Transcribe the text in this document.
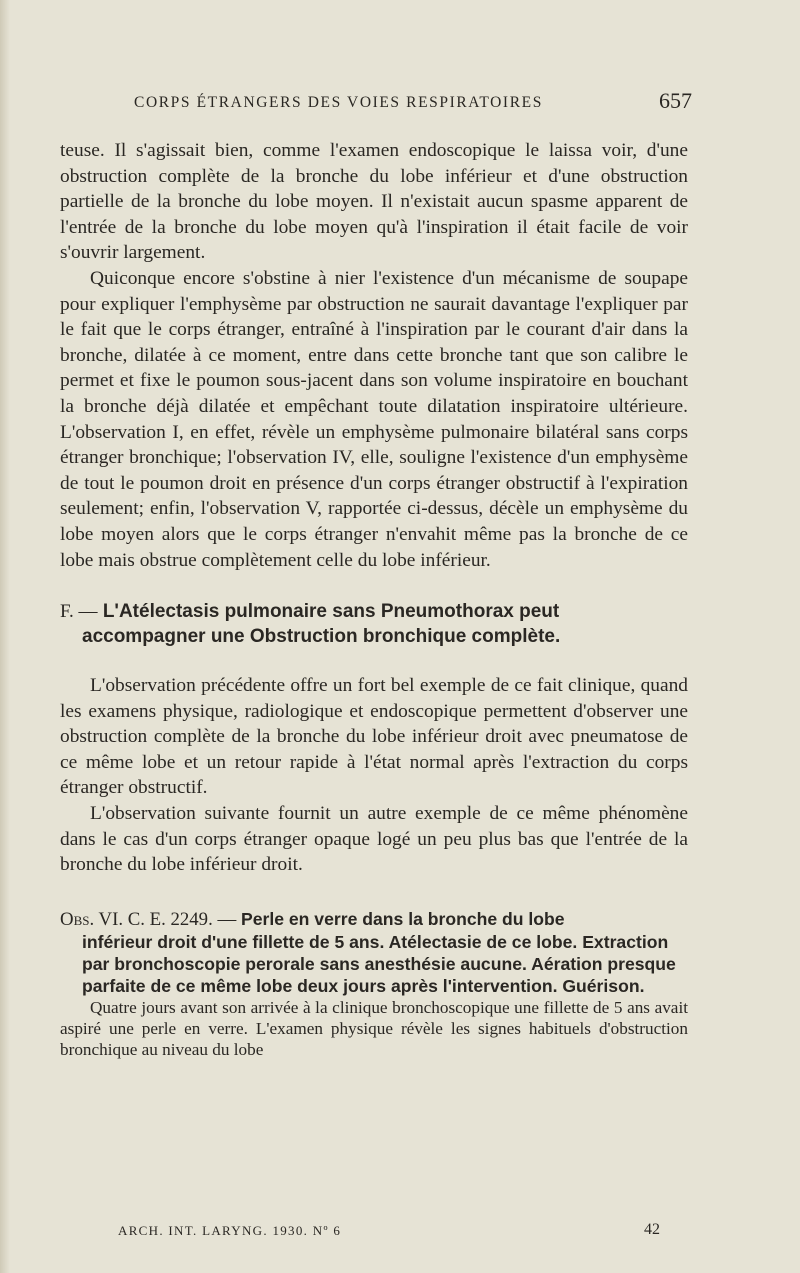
CORPS ÉTRANGERS DES VOIES RESPIRATOIRES	657

teuse. Il s'agissait bien, comme l'examen endoscopique le laissa voir, d'une obstruction complète de la bronche du lobe inférieur et d'une obstruction partielle de la bronche du lobe moyen. Il n'existait aucun spasme apparent de l'entrée de la bronche du lobe moyen qu'à l'inspiration il était facile de voir s'ouvrir largement.

Quiconque encore s'obstine à nier l'existence d'un mécanisme de soupape pour expliquer l'emphysème par obstruction ne saurait davantage l'expliquer par le fait que le corps étranger, entraîné à l'inspiration par le courant d'air dans la bronche, dilatée à ce moment, entre dans cette bronche tant que son calibre le permet et fixe le poumon sous-jacent dans son volume inspiratoire en bouchant la bronche déjà dilatée et empêchant toute dilatation inspiratoire ultérieure. L'observation I, en effet, révèle un emphysème pulmonaire bilatéral sans corps étranger bronchique; l'observation IV, elle, souligne l'existence d'un emphysème de tout le poumon droit en présence d'un corps étranger obstructif à l'expiration seulement; enfin, l'observation V, rapportée ci-dessus, décèle un emphysème du lobe moyen alors que le corps étranger n'envahit même pas la bronche de ce lobe mais obstrue complètement celle du lobe inférieur.

F. — L'Atélectasis pulmonaire sans Pneumothorax peut
accompagner une Obstruction bronchique complète.

L'observation précédente offre un fort bel exemple de ce fait clinique, quand les examens physique, radiologique et endoscopique permettent d'observer une obstruction complète de la bronche du lobe inférieur droit avec pneumatose de ce même lobe et un retour rapide à l'état normal après l'extraction du corps étranger obstructif.

L'observation suivante fournit un autre exemple de ce même phénomène dans le cas d'un corps étranger opaque logé un peu plus bas que l'entrée de la bronche du lobe inférieur droit.

Obs. VI. C. E. 2249. — Perle en verre dans la bronche du lobe
inférieur droit d'une fillette de 5 ans. Atélectasie de ce lobe. Extraction par bronchoscopie perorale sans anesthésie aucune. Aération presque parfaite de ce même lobe deux jours après l'intervention. Guérison.

Quatre jours avant son arrivée à la clinique bronchoscopique une fillette de 5 ans avait aspiré une perle en verre. L'examen physique révèle les signes habituels d'obstruction bronchique au niveau du lobe

ARCH. INT. LARYNG. 1930. Nº 6	42
